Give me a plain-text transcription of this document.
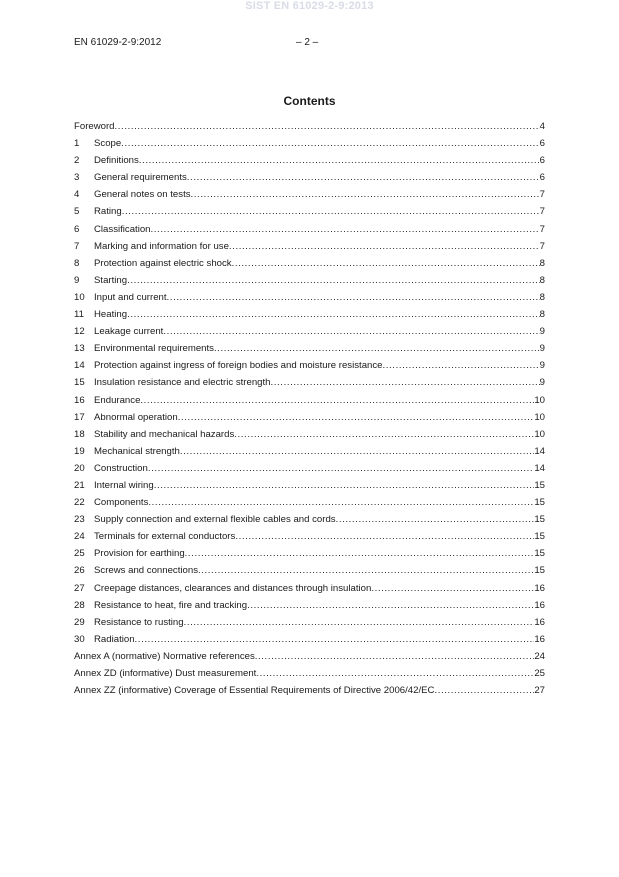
SIST EN 61029-2-9:2013
EN 61029-2-9:2012	– 2 –
Contents
Foreword .....	4
1	Scope .....	6
2	Definitions .....	6
3	General requirements .....	6
4	General notes on tests .....	7
5	Rating .....	7
6	Classification .....	7
7	Marking and information for use .....	7
8	Protection against electric shock .....	8
9	Starting .....	8
10 Input and current .....	8
11	Heating .....	8
12 Leakage current .....	9
13 Environmental requirements .....	9
14 Protection against ingress of foreign bodies and moisture resistance .....	9
15 Insulation resistance and electric strength .....	9
16 Endurance .....	10
17 Abnormal operation .....	10
18 Stability and mechanical hazards .....	10
19 Mechanical strength .....	14
20 Construction .....	14
21 Internal wiring .....	15
22 Components .....	15
23 Supply connection and external flexible cables and cords .....	15
24 Terminals for external conductors .....	15
25 Provision for earthing .....	15
26 Screws and connections .....	15
27 Creepage distances, clearances and distances through insulation .....	16
28 Resistance to heat, fire and tracking .....	16
29 Resistance to rusting .....	16
30 Radiation .....	16
Annex A (normative) Normative references .....	24
Annex ZD (informative) Dust measurement .....	25
Annex ZZ (informative) Coverage of Essential Requirements of Directive 2006/42/EC .....	27
